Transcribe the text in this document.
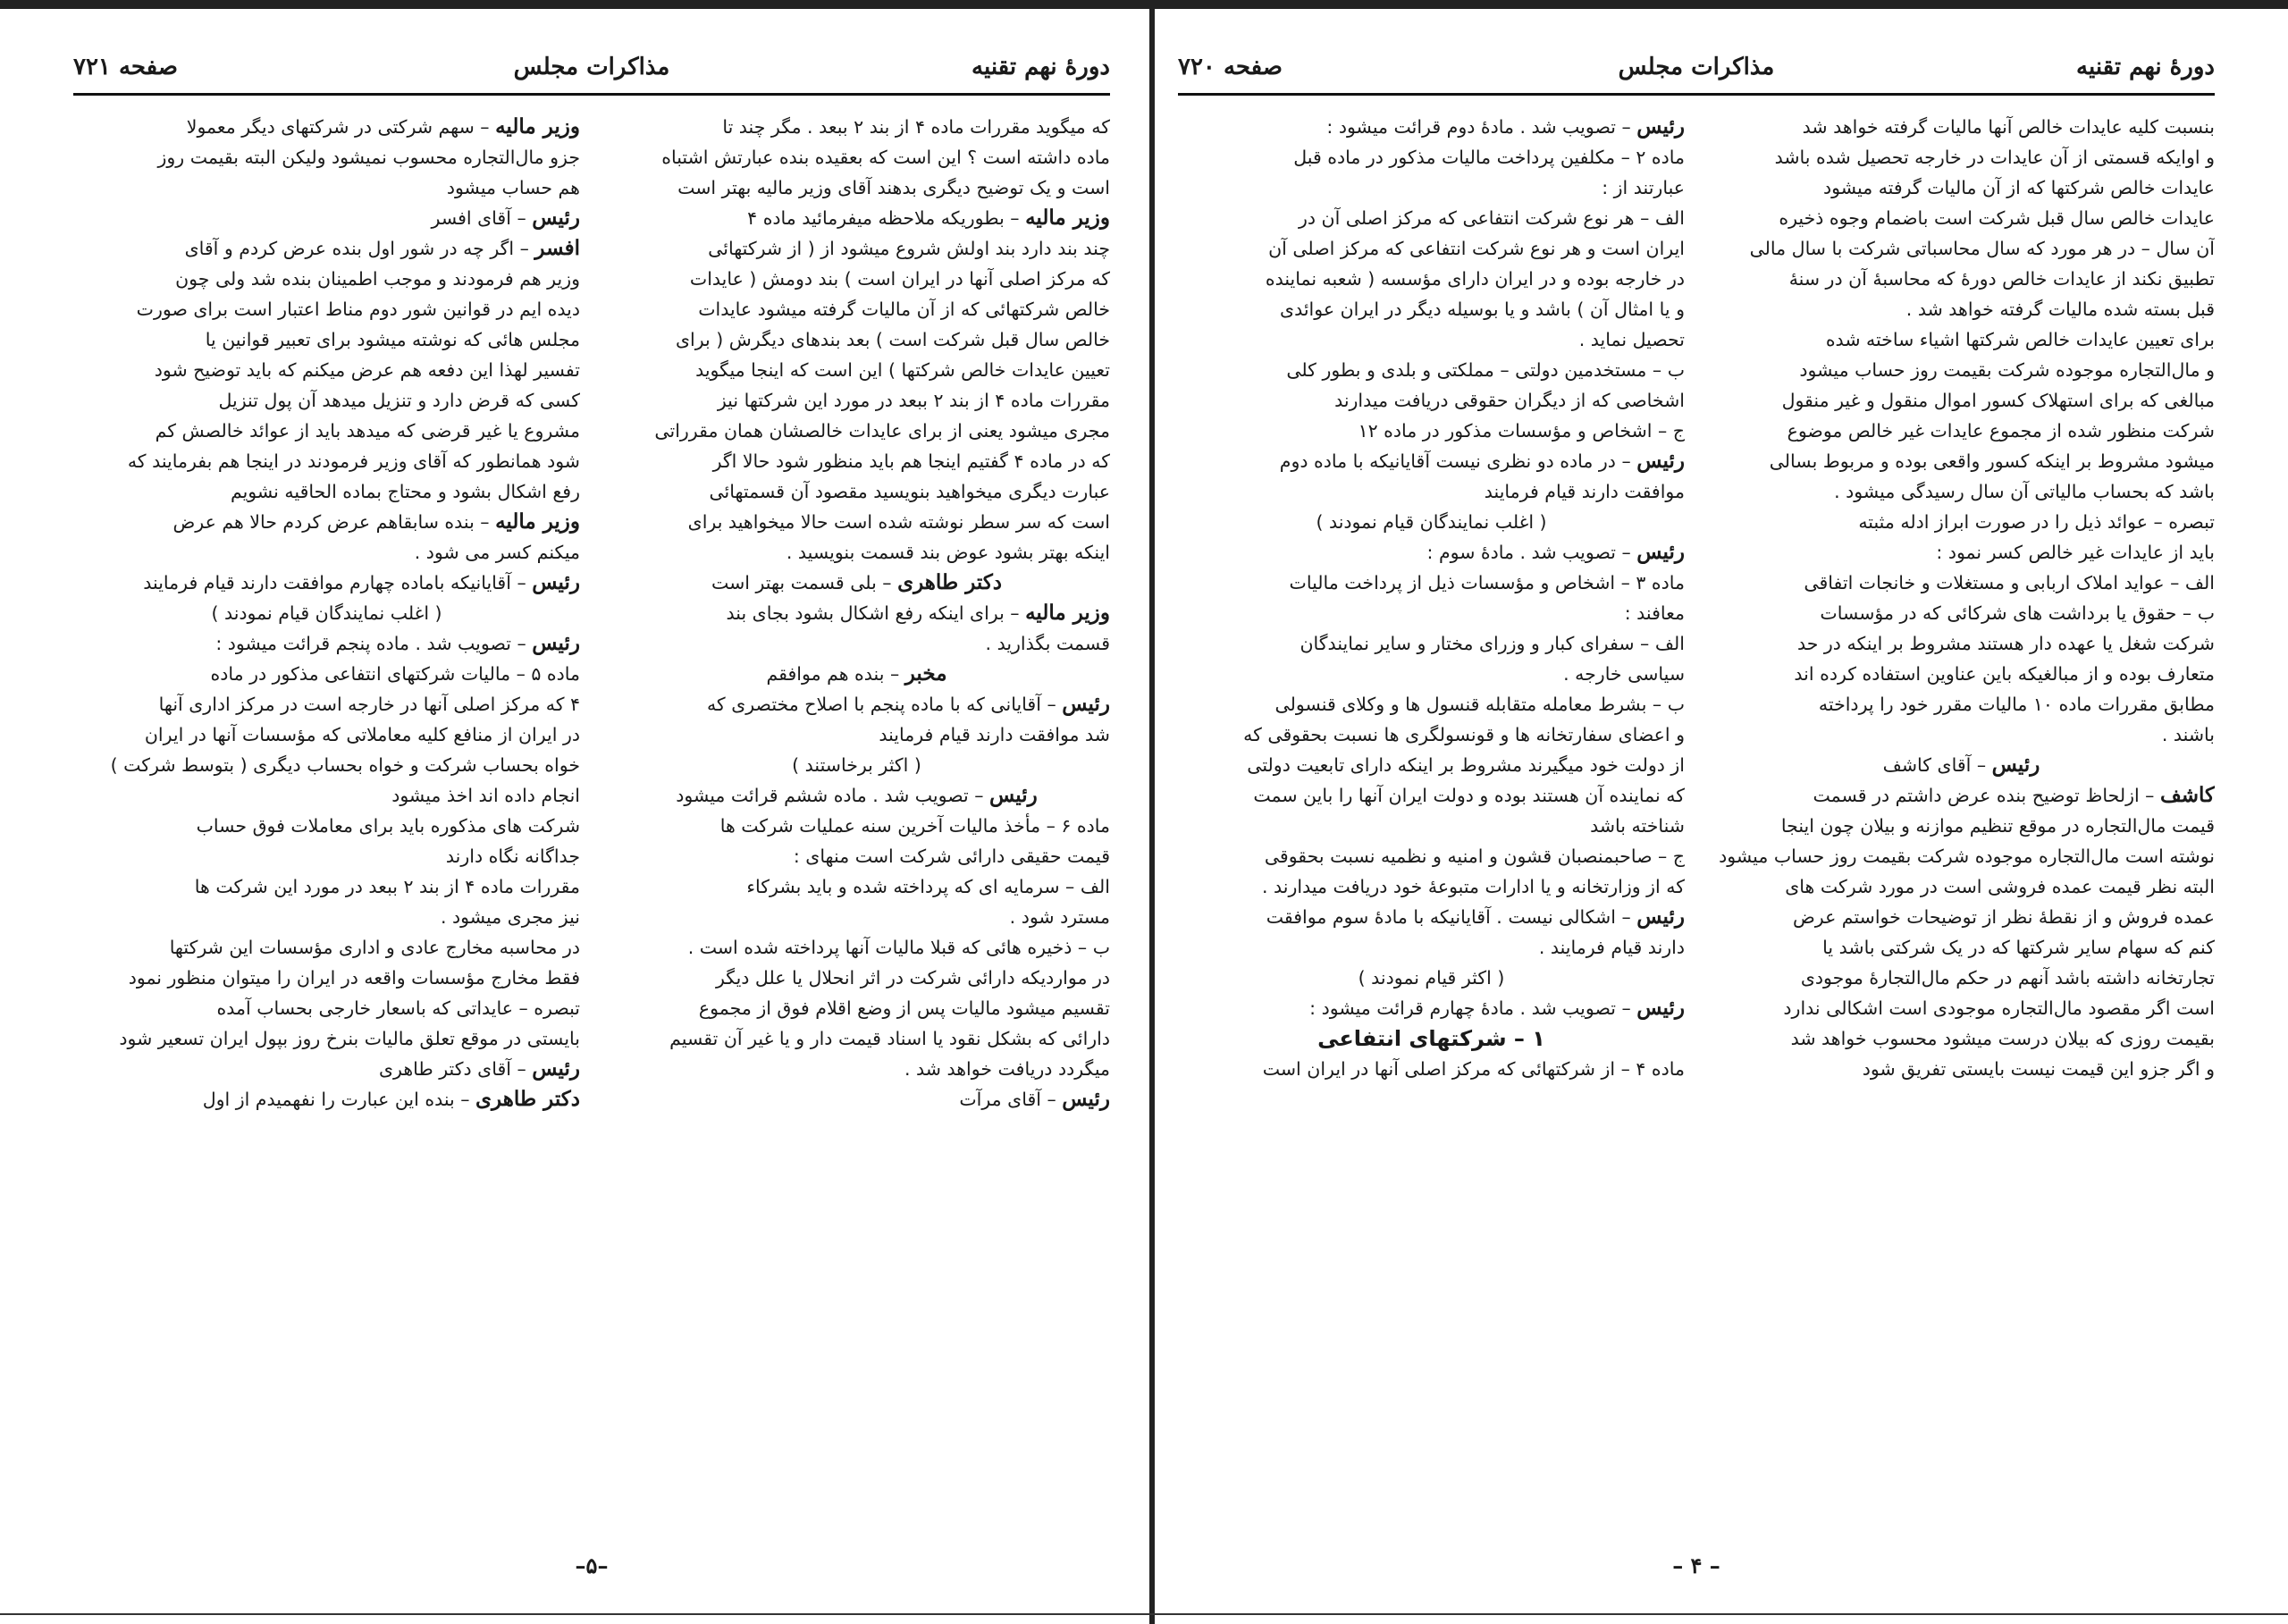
دورهٔ نهم تقنیه
مذاکرات مجلس
صفحه ۷۲۱
وزیر مالیه – سهم شرکتی در شرکتهای دیگر معمولا
جزو مال‌التجاره محسوب نمیشود ولیکن البته بقیمت روز
هم حساب میشود
رئیس – آقای افسر
افسر – اگر چه در شور اول بنده عرض کردم و آقای
وزیر هم فرمودند و موجب اطمینان بنده شد ولی چون
دیده ایم در قوانین شور دوم مناط اعتبار است برای صورت
مجلس هائی که نوشته میشود برای تعبیر قوانین یا
تفسیر لهذا این دفعه هم عرض میکنم که باید توضیح شود
کسی که قرض دارد و تنزیل میدهد آن پول تنزیل
مشروع یا غیر قرضی که میدهد باید از عوائد خالصش کم
شود همانطور که آقای وزیر فرمودند در اینجا هم بفرمایند که
رفع اشکال بشود و محتاج بماده الحاقیه نشویم
وزیر مالیه – بنده سابقاهم عرض کردم حالا هم عرض
میکنم کسر می شود .
رئیس – آقایانیکه باماده چهارم موافقت دارند قیام فرمایند
( اغلب نمایندگان قیام نمودند )
رئیس – تصویب شد . ماده پنجم قرائت میشود :
ماده ۵ – مالیات شرکتهای انتفاعی مذکور در ماده
۴ که مرکز اصلی آنها در خارجه است در مرکز اداری آنها
در ایران از منافع کلیه معاملاتی که مؤسسات آنها در ایران
خواه بحساب شرکت و خواه بحساب دیگری ( بتوسط شرکت )
انجام داده اند اخذ میشود
شرکت های مذکوره باید برای معاملات فوق حساب
جداگانه نگاه دارند
مقررات ماده ۴ از بند ۲ ببعد در مورد این شرکت ها
نیز مجری میشود .
در محاسبه مخارج عادی و اداری مؤسسات این شرکتها
فقط مخارج مؤسسات واقعه در ایران را میتوان منظور نمود
تبصره – عایداتی که باسعار خارجی بحساب آمده
بایستی در موقع تعلق مالیات بنرخ روز بپول ایران تسعیر شود
رئیس – آقای دکتر طاهری
دکتر طاهری – بنده این عبارت را نفهمیدم از اول
که میگوید مقررات ماده ۴ از بند ۲ ببعد . مگر چند تا
ماده داشته است ؟ این است که بعقیده بنده عبارتش اشتباه
است و یک توضیح دیگری بدهند آقای وزیر مالیه بهتر است
وزیر مالیه – بطوریکه ملاحظه میفرمائید ماده ۴
چند بند دارد بند اولش شروع میشود از ( از شرکتهائی
که مرکز اصلی آنها در ایران است ) بند دومش ( عایدات
خالص شرکتهائی که از آن مالیات گرفته میشود عایدات
خالص سال قبل شرکت است ) بعد بندهای دیگرش ( برای
تعیین عایدات خالص شرکتها ) این است که اینجا میگوید
مقررات ماده ۴ از بند ۲ ببعد در مورد این شرکتها نیز
مجری میشود یعنی از برای عایدات خالصشان همان مقرراتی
که در ماده ۴ گفتیم اینجا هم باید منظور شود حالا اگر
عبارت دیگری میخواهید بنویسید مقصود آن قسمتهائی
است که سر سطر نوشته شده است حالا میخواهید برای
اینکه بهتر بشود عوض بند قسمت بنویسید .
دکتر طاهری – بلی قسمت بهتر است
وزیر مالیه – برای اینکه رفع اشکال بشود بجای بند
قسمت بگذارید .
مخبر – بنده هم موافقم
رئیس – آقایانی که با ماده پنجم با اصلاح مختصری که
شد موافقت دارند قیام فرمایند
( اکثر برخاستند )
رئیس – تصویب شد . ماده ششم قرائت میشود
ماده ۶ – مأخذ مالیات آخرین سنه عملیات شرکت ها
قیمت حقیقی دارائی شرکت است منهای :
الف – سرمایه ای که پرداخته شده و باید بشرکاء
مسترد شود .
ب – ذخیره هائی که قبلا مالیات آنها پرداخته شده است .
در مواردیکه دارائی شرکت در اثر انحلال یا علل دیگر
تقسیم میشود مالیات پس از وضع اقلام فوق از مجموع
دارائی که بشکل نقود یا اسناد قیمت دار و یا غیر آن تقسیم
میگردد دریافت خواهد شد .
رئیس – آقای مرآت
–۵–
دورهٔ نهم تقنیه
مذاکرات مجلس
صفحه ۷۲۰
رئیس – تصویب شد . مادهٔ دوم قرائت میشود :
ماده ۲ – مکلفین پرداخت مالیات مذکور در ماده قبل
عبارتند از :
الف – هر نوع شرکت انتفاعی که مرکز اصلی آن در
ایران است و هر نوع شرکت انتفاعی که مرکز اصلی آن
در خارجه بوده و در ایران دارای مؤسسه ( شعبه نماینده
و یا امثال آن ) باشد و یا بوسیله دیگر در ایران عوائدی
تحصیل نماید .
ب – مستخدمین دولتی – مملکتی و بلدی و بطور کلی
اشخاصی که از دیگران حقوقی دریافت میدارند
ج – اشخاص و مؤسسات مذکور در ماده ۱۲
رئیس – در ماده دو نظری نیست آقایانیکه با ماده دوم
موافقت دارند قیام فرمایند
( اغلب نمایندگان قیام نمودند )
رئیس – تصویب شد . مادهٔ سوم :
ماده ۳ – اشخاص و مؤسسات ذیل از پرداخت مالیات
معافند :
الف – سفرای کبار و وزرای مختار و سایر نمایندگان
سیاسی خارجه .
ب – بشرط معامله متقابله قنسول ها و وکلای قنسولی
و اعضای سفارتخانه ها و قونسولگری ها نسبت بحقوقی که
از دولت خود میگیرند مشروط بر اینکه دارای تابعیت دولتی
که نماینده آن هستند بوده و دولت ایران آنها را باین سمت
شناخته باشد
ج – صاحبمنصبان قشون و امنیه و نظمیه نسبت بحقوقی
که از وزارتخانه و یا ادارات متبوعهٔ خود دریافت میدارند .
رئیس – اشکالی نیست . آقایانیکه با مادهٔ سوم موافقت
دارند قیام فرمایند .
( اکثر قیام نمودند )
رئیس – تصویب شد . مادهٔ چهارم قرائت میشود :
۱ – شرکتهای انتفاعی
ماده ۴ – از شرکتهائی که مرکز اصلی آنها در ایران است
بنسبت کلیه عایدات خالص آنها مالیات گرفته خواهد شد
و اوایکه قسمتی از آن عایدات در خارجه تحصیل شده باشد
عایدات خالص شرکتها که از آن مالیات گرفته میشود
عایدات خالص سال قبل شرکت است باضمام وجوه ذخیره
آن سال – در هر مورد که سال محاسباتی شرکت با سال مالی
تطبیق نکند از عایدات خالص دورهٔ که محاسبهٔ آن در سنهٔ
قبل بسته شده مالیات گرفته خواهد شد .
برای تعیین عایدات خالص شرکتها اشیاء ساخته شده
و مال‌التجاره موجوده شرکت بقیمت روز حساب میشود
مبالغی که برای استهلاک کسور اموال منقول و غیر منقول
شرکت منظور شده از مجموع عایدات غیر خالص موضوع
میشود مشروط بر اینکه کسور واقعی بوده و مربوط بسالی
باشد که بحساب مالیاتی آن سال رسیدگی میشود .
تبصره – عوائد ذیل را در صورت ابراز ادله مثبته
باید از عایدات غیر خالص کسر نمود :
الف – عواید املاک اربابی و مستغلات و خانجات اتفاقی
ب – حقوق یا برداشت های شرکائی که در مؤسسات
شرکت شغل یا عهده دار هستند مشروط بر اینکه در حد
متعارف بوده و از مبالغیکه باین عناوین استفاده کرده اند
مطابق مقررات ماده ۱۰ مالیات مقرر خود را پرداخته
باشند .
رئیس – آقای کاشف
کاشف – ازلحاظ توضیح بنده عرض داشتم در قسمت
قیمت مال‌التجاره در موقع تنظیم موازنه و بیلان چون اینجا
نوشته است مال‌التجاره موجوده شرکت بقیمت روز حساب میشود
البته نظر قیمت عمده فروشی است در مورد شرکت های
عمده فروش و از نقطهٔ نظر از توضیحات خواستم عرض
کنم که سهام سایر شرکتها که در یک شرکتی باشد یا
تجارتخانه داشته باشد آنهم در حکم مال‌التجارهٔ موجودی
است اگر مقصود مال‌التجاره موجودی است اشکالی ندارد
بقیمت روزی که بیلان درست میشود محسوب خواهد شد
و اگر جزو این قیمت نیست بایستی تفریق شود
– ۴ –
